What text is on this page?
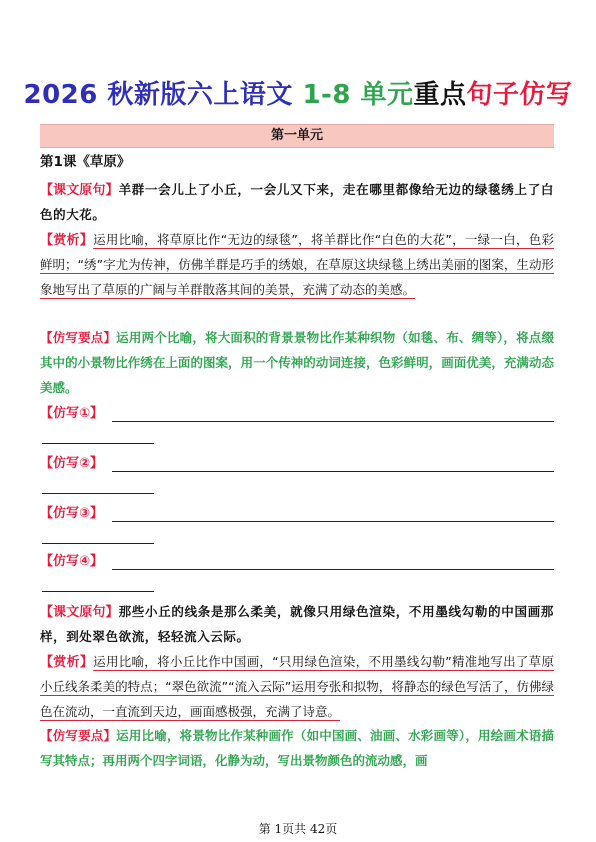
2026 秋新版六上语文 1-8 单元重点句子仿写
第一单元
第1课《草原》
【课文原句】羊群一会儿上了小丘，一会儿又下来，走在哪里都像给无边的绿毯绣上了白色的大花。
【赏析】运用比喻，将草原比作“无边的绿毯”，将羊群比作“白色的大花”，一绿一白，色彩鲜明；“绣”字尤为传神，仿佛羊群是巧手的绣娘，在草原这块绿毯上绣出美丽的图案，生动形象地写出了草原的广阔与羊群散落其间的美景，充满了动态的美感。
【仿写要点】运用两个比喻，将大面积的背景景物比作某种织物（如毯、布、绸等），将点缀其中的小景物比作绣在上面的图案，用一个传神的动词连接，色彩鲜明，画面优美，充满动态美感。
【仿写①】
【仿写②】
【仿写③】
【仿写④】
【课文原句】那些小丘的线条是那么柔美，就像只用绿色渲染，不用墨线勾勒的中国画那样，到处翠色欲流，轻轻流入云际。
【赏析】运用比喻，将小丘比作中国画，“只用绿色渲染，不用墨线勾勒”精准地写出了草原小丘线条柔美的特点；“翠色欲流”“流入云际”运用夸张和拟物，将静态的绿色写活了，仿佛绿色在流动，一直流到天边，画面感极强，充满了诗意。
【仿写要点】运用比喻，将景物比作某种画作（如中国画、油画、水彩画等），用绘画术语描写其特点；再用两个四字词语，化静为动，写出景物颜色的流动感，画
第 1页共 42页
